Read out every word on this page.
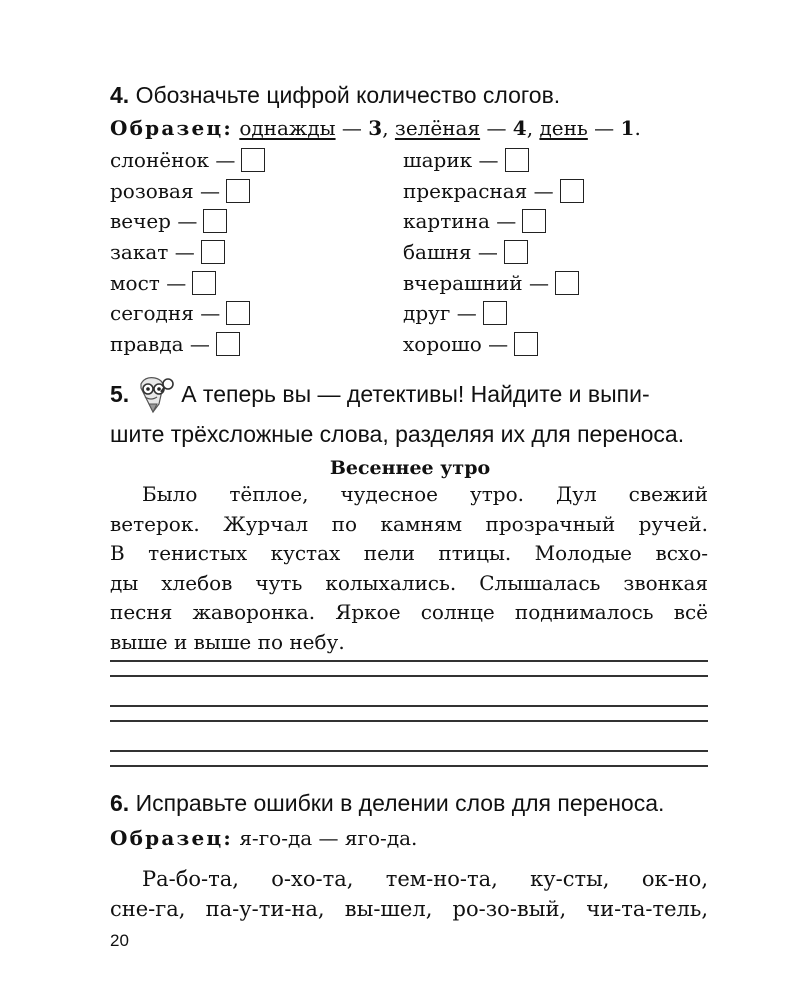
4. Обозначьте цифрой количество слогов.
Образец: однажды — 3, зелёная — 4, день — 1.
слонёнок
—
розовая
—
вечер
—
закат
—
мост
—
сегодня
—
правда
—
шарик
—
прекрасная
—
картина
—
башня
—
вчерашний
—
друг
—
хорошо
—
5. А теперь вы — детективы! Найдите и выпи-
шите трёхсложные слова, разделяя их для переноса.
Весеннее утро
Было тёплое, чудесное утро. Дул свежий
ветерок. Журчал по камням прозрачный ручей.
В тенистых кустах пели птицы. Молодые всхо-
ды хлебов чуть колыхались. Слышалась звонкая
песня жаворонка. Яркое солнце поднималось всё
выше и выше по небу.
6. Исправьте ошибки в делении слов для переноса.
Образец: я-го-да — яго-да.
Ра-бо-та, о-хо-та, тем-но-та, ку-сты, ок-но,
сне-га, па-у-ти-на, вы-шел, ро-зо-вый, чи-та-тель,
20
